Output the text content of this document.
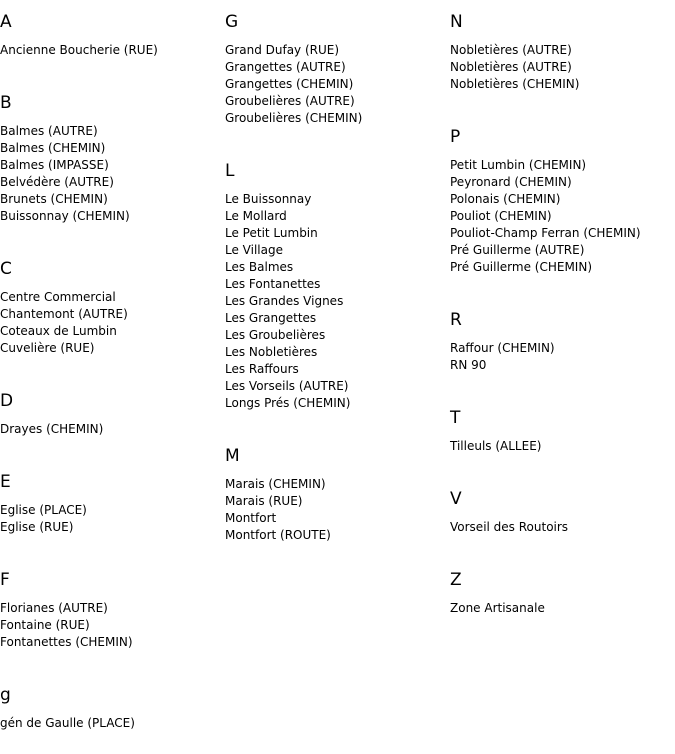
A
Ancienne Boucherie (RUE)
B
Balmes (AUTRE)
Balmes (CHEMIN)
Balmes (IMPASSE)
Belvédère (AUTRE)
Brunets (CHEMIN)
Buissonnay (CHEMIN)
C
Centre Commercial
Chantemont (AUTRE)
Coteaux de Lumbin
Cuvelière (RUE)
D
Drayes (CHEMIN)
E
Eglise (PLACE)
Eglise (RUE)
F
Florianes (AUTRE)
Fontaine (RUE)
Fontanettes (CHEMIN)
g
gén de Gaulle (PLACE)
G
Grand Dufay (RUE)
Grangettes (AUTRE)
Grangettes (CHEMIN)
Groubelières (AUTRE)
Groubelières (CHEMIN)
L
Le Buissonnay
Le Mollard
Le Petit Lumbin
Le Village
Les Balmes
Les Fontanettes
Les Grandes Vignes
Les Grangettes
Les Groubelières
Les Nobletières
Les Raffours
Les Vorseils (AUTRE)
Longs Prés (CHEMIN)
M
Marais (CHEMIN)
Marais (RUE)
Montfort
Montfort (ROUTE)
N
Nobletières (AUTRE)
Nobletières (AUTRE)
Nobletières (CHEMIN)
P
Petit Lumbin (CHEMIN)
Peyronard (CHEMIN)
Polonais (CHEMIN)
Pouliot (CHEMIN)
Pouliot-Champ Ferran (CHEMIN)
Pré Guillerme (AUTRE)
Pré Guillerme (CHEMIN)
R
Raffour (CHEMIN)
RN 90
T
Tilleuls (ALLEE)
V
Vorseil des Routoirs
Z
Zone Artisanale
